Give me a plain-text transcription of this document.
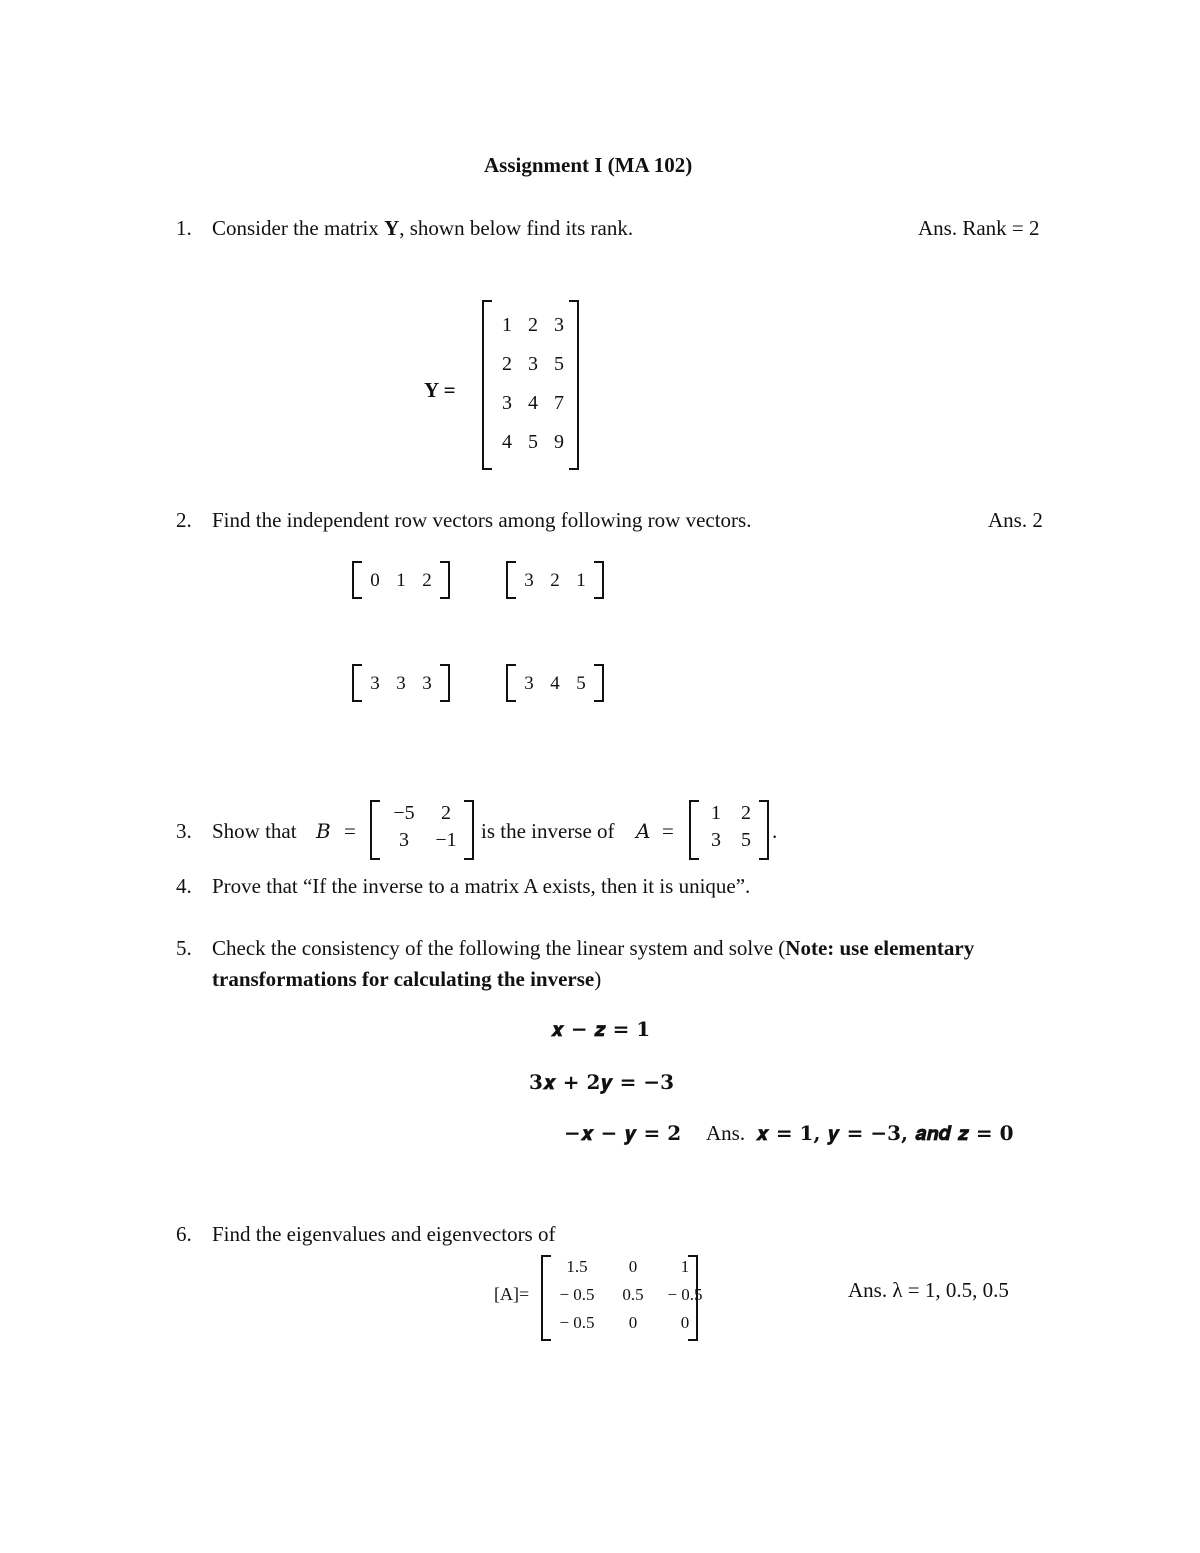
Assignment I (MA 102)
1. Consider the matrix Y, shown below find its rank.	Ans. Rank = 2
Y =
1 2 3
2 3 5
3 4 7
4 5 9
2. Find the independent row vectors among following row vectors.	Ans. 2
0 1 2	3 2 1
3 3 3	3 4 5
3. Show that B =
−5	2
3	−1	is the inverse of A =
1	2
3	5	.
4. Prove that “If the inverse to a matrix A exists, then it is unique”.
5. Check the consistency of the following the linear system and solve (Note: use elementary
transformations for calculating the inverse)
𝒙 − 𝒛 = 𝟏
𝟑𝒙 + 𝟐𝒚 = −𝟑
−𝒙 − 𝒚 = 𝟐 Ans. 𝒙 = 𝟏, 𝒚 = −𝟑, 𝒂𝒏𝒅 𝒛 = 𝟎
6. Find the eigenvalues and eigenvectors of
[A]=
1.5	0	1
− 0.5	0.5	− 0.5
− 0.5	0	0
Ans. λ = 1, 0.5, 0.5
